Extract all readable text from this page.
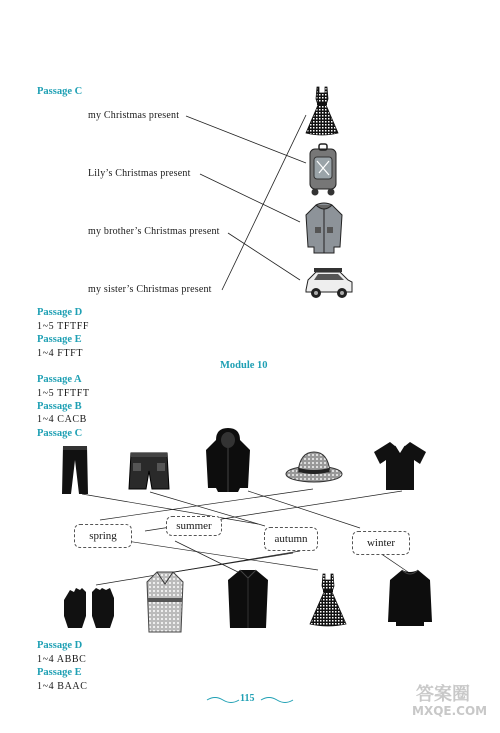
Passage C
my Christmas present
Lily’s Christmas present
my brother’s Christmas present
my sister’s Christmas present
Passage D
1~5 TFTFF
Passage E
1~4 FTFT
Module 10
Passage A
1~5 TFTFT
Passage B
1~4 CACB
Passage C
summer
spring	autumn	winter
Passage D
1~4 ABBC
Passage E
1~4 BAAC
115	答案圈
MXQE.COM
